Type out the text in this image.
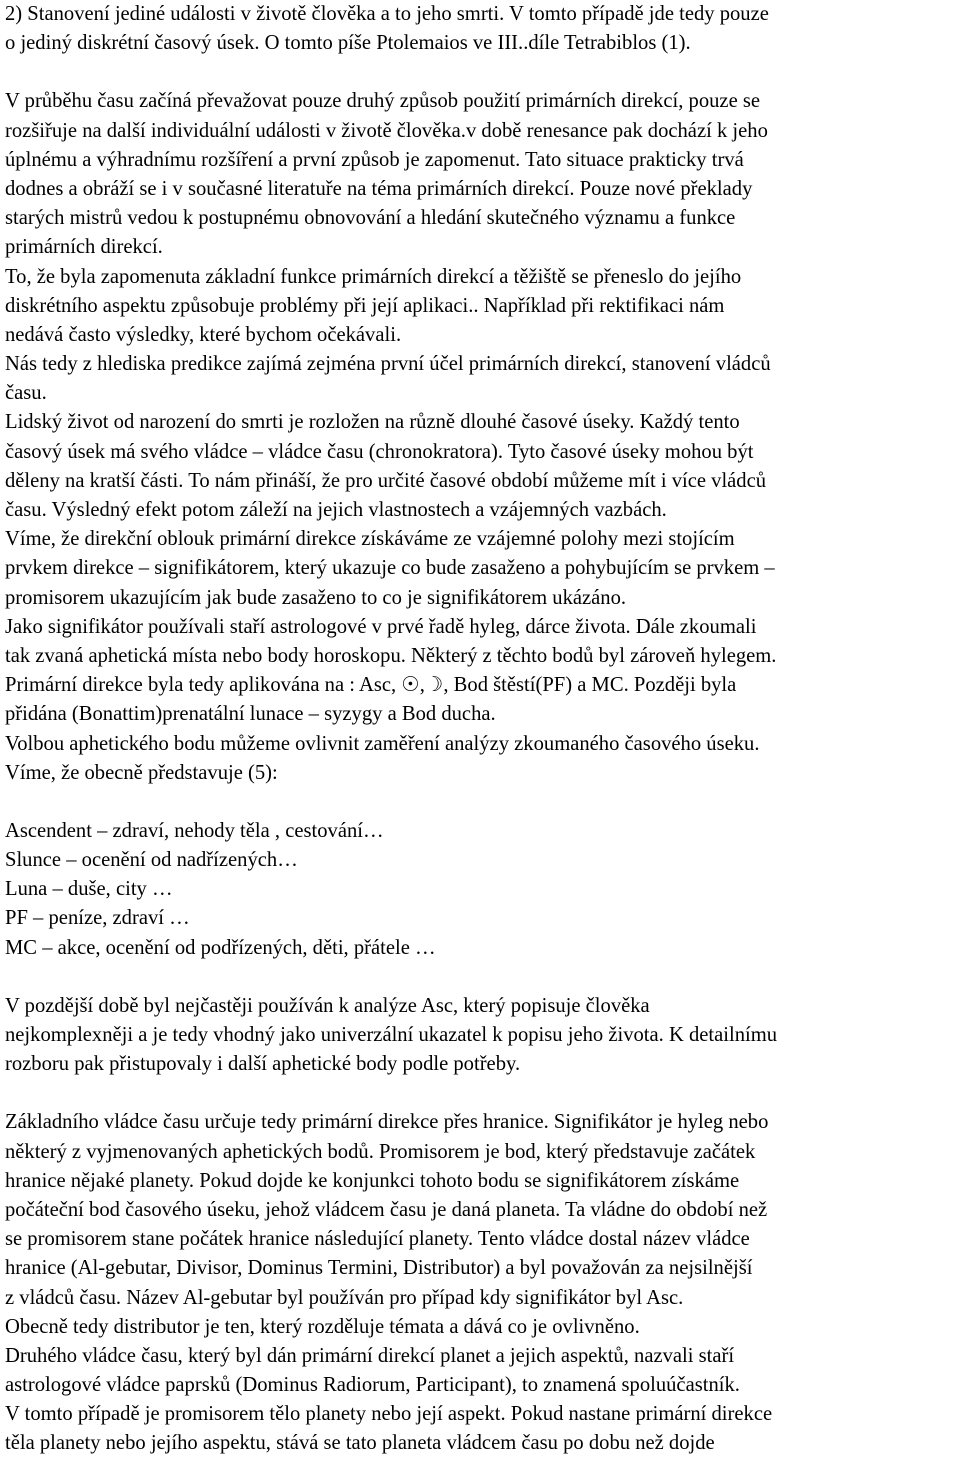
2) Stanovení jediné události v životě člověka a to jeho smrti. V tomto případě jde tedy pouze
o jediný diskrétní časový úsek. O tomto píše Ptolemaios ve III..díle Tetrabiblos (1).
V průběhu času začíná převažovat pouze druhý způsob použití primárních direkcí, pouze se
rozšiřuje na další individuální události v životě člověka.v době renesance pak dochází k jeho
úplnému a výhradnímu rozšíření a první způsob je zapomenut. Tato situace prakticky trvá
dodnes a obráží se i v současné literatuře na téma primárních direkcí. Pouze nové překlady
starých mistrů vedou k postupnému obnovování a hledání skutečného významu a funkce
primárních direkcí.
To, že byla zapomenuta základní funkce primárních direkcí a těžiště se přeneslo do jejího
diskrétního aspektu způsobuje problémy při její aplikaci.. Například při rektifikaci nám
nedává často výsledky, které bychom očekávali.
Nás tedy z hlediska predikce zajímá zejména první účel primárních direkcí, stanovení vládců
času.
Lidský život od narození do smrti je rozložen na různě dlouhé časové úseky. Každý tento
časový úsek má svého vládce – vládce času (chronokratora). Tyto časové úseky mohou být
děleny na kratší části. To nám přináší, že pro určité časové období můžeme mít i více vládců
času. Výsledný efekt potom záleží na jejich vlastnostech a vzájemných vazbách.
Víme, že direkční oblouk primární direkce získáváme ze vzájemné polohy mezi stojícím
prvkem direkce – signifikátorem, který ukazuje co bude zasaženo a pohybujícím se prvkem –
promisorem ukazujícím jak bude zasaženo to co je signifikátorem ukázáno.
Jako signifikátor používali staří astrologové v prvé řadě hyleg, dárce života. Dále zkoumali
tak zvaná aphetická místa nebo body horoskopu. Některý z těchto bodů byl zároveň hylegem.
Primární direkce byla tedy aplikována na : Asc, ☉,☽, Bod štěstí(PF) a MC. Později byla
přidána (Bonattim)prenatální lunace – syzygy a Bod ducha.
Volbou aphetického bodu můžeme ovlivnit zaměření analýzy zkoumaného časového úseku.
Víme, že obecně představuje (5):
Ascendent – zdraví, nehody těla , cestování…
Slunce – ocenění od nadřízených…
Luna – duše, city …
PF – peníze, zdraví …
MC – akce, ocenění od podřízených, děti, přátele …
V pozdější době byl nejčastěji používán k analýze Asc, který popisuje člověka
nejkomplexněji a je tedy vhodný jako univerzální ukazatel k popisu jeho života. K detailnímu
rozboru pak přistupovaly i další aphetické body podle potřeby.
Základního vládce času určuje tedy primární direkce přes hranice. Signifikátor je hyleg nebo
některý z vyjmenovaných aphetických bodů. Promisorem je bod, který představuje začátek
hranice nějaké planety. Pokud dojde ke konjunkci tohoto bodu se signifikátorem získáme
počáteční bod časového úseku, jehož vládcem času je daná planeta. Ta vládne do období než
se promisorem stane počátek hranice následující planety. Tento vládce dostal název vládce
hranice (Al-gebutar, Divisor, Dominus Termini, Distributor) a byl považován za nejsilnější
z vládců času. Název Al-gebutar byl používán pro případ kdy signifikátor byl Asc.
Obecně tedy distributor je ten, který rozděluje témata a dává co je ovlivněno.
Druhého vládce času, který byl dán primární direkcí planet a jejich aspektů, nazvali staří
astrologové vládce paprsků (Dominus Radiorum, Participant), to znamená spoluúčastník.
V tomto případě je promisorem tělo planety nebo její aspekt. Pokud nastane primární direkce
těla planety nebo jejího aspektu, stává se tato planeta vládcem času po dobu než dojde
